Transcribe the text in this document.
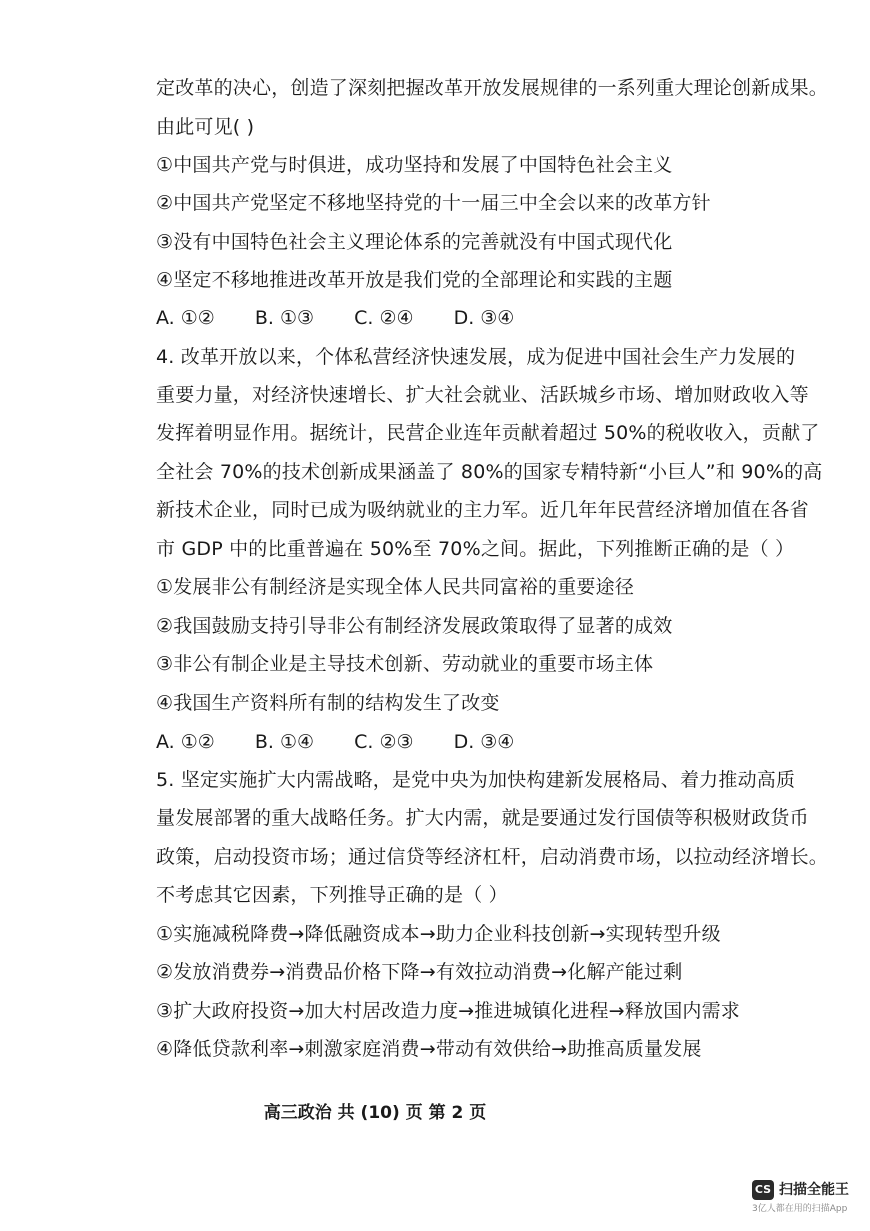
定改革的决心，创造了深刻把握改革开放发展规律的一系列重大理论创新成果。
由此可见( )
①中国共产党与时俱进，成功坚持和发展了中国特色社会主义
②中国共产党坚定不移地坚持党的十一届三中全会以来的改革方针
③没有中国特色社会主义理论体系的完善就没有中国式现代化
④坚定不移地推进改革开放是我们党的全部理论和实践的主题
A. ①② B. ①③ C. ②④ D. ③④
4. 改革开放以来，个体私营经济快速发展，成为促进中国社会生产力发展的
重要力量，对经济快速增长、扩大社会就业、活跃城乡市场、增加财政收入等
发挥着明显作用。据统计，民营企业连年贡献着超过 50%的税收收入，贡献了
全社会 70%的技术创新成果涵盖了 80%的国家专精特新“小巨人”和 90%的高
新技术企业，同时已成为吸纳就业的主力军。近几年年民营经济增加值在各省
市 GDP 中的比重普遍在 50%至 70%之间。据此，下列推断正确的是（ ）
①发展非公有制经济是实现全体人民共同富裕的重要途径
②我国鼓励支持引导非公有制经济发展政策取得了显著的成效
③非公有制企业是主导技术创新、劳动就业的重要市场主体
④我国生产资料所有制的结构发生了改变
A. ①② B. ①④ C. ②③ D. ③④
5. 坚定实施扩大内需战略，是党中央为加快构建新发展格局、着力推动高质
量发展部署的重大战略任务。扩大内需，就是要通过发行国债等积极财政货币
政策，启动投资市场；通过信贷等经济杠杆，启动消费市场，以拉动经济增长。
不考虑其它因素，下列推导正确的是（ ）
①实施减税降费→降低融资成本→助力企业科技创新→实现转型升级
②发放消费券→消费品价格下降→有效拉动消费→化解产能过剩
③扩大政府投资→加大村居改造力度→推进城镇化进程→释放国内需求
④降低贷款利率→刺激家庭消费→带动有效供给→助推高质量发展
高三政治 共 (10) 页 第 2 页
CS 扫描全能王
3亿人都在用的扫描App
